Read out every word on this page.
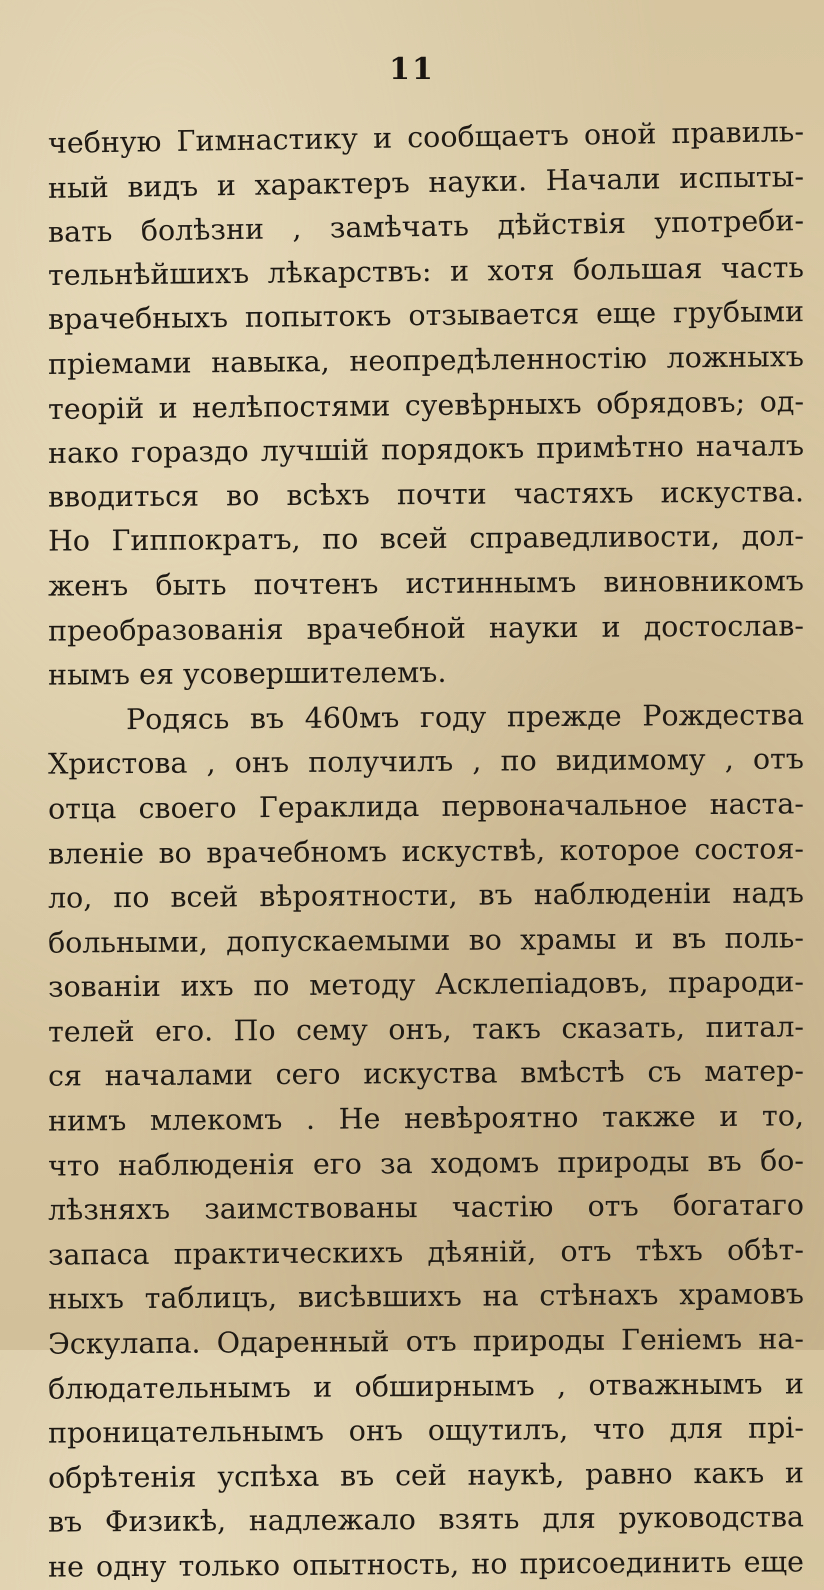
11
чебную Гимнастику и сообщаетъ оной правиль-
ный видъ и характеръ науки. Начали испыты-
вать болѣзни , замѣчать дѣйствія употреби-
тельнѣйшихъ лѣкарствъ: и хотя большая часть
врачебныхъ попытокъ отзывается еще грубыми
пріемами навыка, неопредѣленностію ложныхъ
теорій и нелѣпостями суевѣрныхъ обрядовъ; од-
нако гораздо лучшій порядокъ примѣтно началъ
вводиться во всѣхъ почти частяхъ искуства.
Но Гиппократъ, по всей справедливости, дол-
женъ быть почтенъ истиннымъ виновникомъ
преобразованія врачебной науки и достослав-
нымъ ея усовершителемъ.
Родясь въ 460мъ году прежде Рождества
Христова , онъ получилъ , по видимому , отъ
отца своего Гераклида первоначальное наста-
вленіе во врачебномъ искуствѣ, которое состоя-
ло, по всей вѣроятности, въ наблюденіи надъ
больными, допускаемыми во храмы и въ поль-
зованіи ихъ по методу Асклепіадовъ, прароди-
телей его. По сему онъ, такъ сказать, питал-
ся началами сего искуства вмѣстѣ съ матер-
нимъ млекомъ . Не невѣроятно также и то,
что наблюденія его за ходомъ природы въ бо-
лѣзняхъ заимствованы частію отъ богатаго
запаса практическихъ дѣяній, отъ тѣхъ обѣт-
ныхъ таблицъ, висѣвшихъ на стѣнахъ храмовъ
Эскулапа. Одаренный отъ природы Геніемъ на-
блюдательнымъ и обширнымъ , отважнымъ и
проницательнымъ онъ ощутилъ, что для прі-
обрѣтенія успѣха въ сей наукѣ, равно какъ и
въ Физикѣ, надлежало взять для руководства
не одну только опытность, но присоединить еще
